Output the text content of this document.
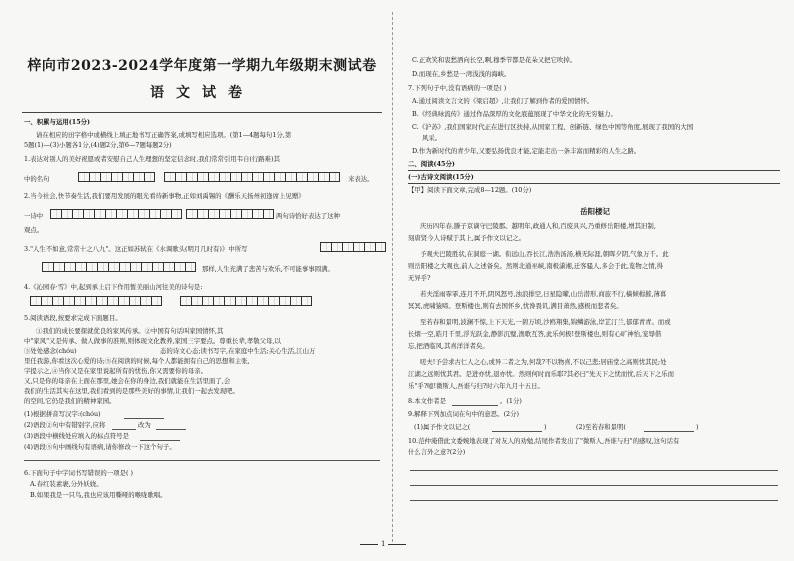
梓向市2023-2024学年度第一学期九年级期末测试卷
语文试卷
一、积累与运用(15分)
请在相应的田字格中或横线上填正地书写正确答案,或填写相应选项。(第1—4题每句1分,第
5题(1)—(3)小题各1分,(4)题2分,第6—7题每题2分)
1.表达对别人的美好祝愿或者安慰自己人生理想的坚定信念时,我们常常引用韦自(行路难)其
中的名句	来表达。
2.当今社会,快节奏生活,我们要用发展的眼光看待新事物,正如刘禹锡的《酬乐天扬州初逢席上见赠》
一诗中	两句诗恰好表达了这种
观点。
3."人生不如意,常常十之八九"。这正如苏轼在《水调歌头(明月几时有)》中所写
那样,人生充满了悲苦与欢乐,不可能事事圆满。
4.《沁园春·雪》中,起到承上启下作用暂美丽山河往美的诗句是:
5.阅读语段,按要求完成下面题目。
①我们的成长要探就优良的家风传承。②中国有句话叫家国情怀,其
中"家风"又是传承、做人做事的准则,则体现文化教养,家国三字要点。尊重长辈,孝敬父母,以
③处处感念(chóu)	态的诗文心态;读书写字,在家庭中生活;关心生活,江山万
里任我游,你看这次心爱的诗;⑤在阅读的时候,每个人都能拥有自己的思想和主张,
字提示之,④当你又是在家里说起所有的忧伤,你又需要你的母亲。
又,只是你的母亲在上面在那里,她会在你的身边,我们就能在生活里面了,会
我们的生活其实在这里,我们看到的是那些美好的事情,让我们一起去发现吧。
的空间,它仍是我们的精神家园。
(1)根据拼音写汉字:(chóu)
(2)语段②句中有错别字,应将	改为
(3)语段中横线处应填入的标点符号是
(4)语段⑤句中画线句有语病,请你修改一下这个句子。
6.下面句子中字词书写错误的一项是( )
A.春红装素裹,分外妖娆。
B.如果我是一只鸟,我也应该用嘶哑的喉咙歌唱。
C.正欢笑和衷愁洒向长空,啊,穆季节都是花朵又把它吹掉。
D.而现在,乡愁是一湾浅浅的海峡。
7.下列句子中,没有语病的一项是( )
A.通过阅读文言文的《梁启超》,让我们了解到作者的爱国情怀。
B.《经典咏流传》通过作品深厚的文化底蕴展现了中华文化的无穷魅力。
C.《沪苏》,我们国家时代正在进行区扶持,从国家工程、创新链、绿色中国等角度,展现了我国的大国
风采。
D.作为新时代的青少年,又要弘扬优良才能,定能走出一条丰富而精彩的人生之路。
二、阅读(45分)
(一)古诗文阅读(15分)
【甲】阅读下面文章,完成8—12题。(10分)
岳阳楼记
庆历四年春,滕子京谪守巴陵郡。越明年,政通人和,百废具兴,乃重修岳阳楼,增其旧制,
刻唐贤今人诗赋于其上,属予作文以记之。
予观夫巴陵胜状,在洞庭一湖。衔远山,吞长江,浩浩汤汤,横无际涯,朝晖夕阴,气象万千。此
则岳阳楼之大观也,前人之述备矣。然则北通巫峡,南极潇湘,迁客骚人,多会于此,览物之情,得
无异乎?
若夫淫雨霏霏,连月不开,阴风怒号,浊浪排空,日星隐曜,山岳潜形,商旅不行,樯倾楫摧,薄暮
冥冥,虎啸猿啼。登斯楼也,则有去国怀乡,忧谗畏讥,满目萧然,感极而悲者矣。
至若春和景明,波澜不惊,上下天光,一碧万顷,沙鸥翔集,锦鳞游泳,岸芷汀兰,郁郁青青。而或
长烟一空,皓月千里,浮光跃金,静影沉璧,渔歌互答,此乐何极!登斯楼也,则有心旷神怡,宠辱偕
忘,把酒临风,其喜洋洋者矣。
嗟夫!予尝求古仁人之心,或异二者之为,何哉?不以物喜,不以己悲;居庙堂之高则忧其民;处
江湖之远则忧其君。是进亦忧,退亦忧。然则何时而乐耶?其必曰"先天下之忧而忧,后天下之乐而
乐"乎?噫!微斯人,吾谁与归?时六年九月十五日。
8.本文作者是	。(1分)
9.解释下列加点词在句中的意思。(2分)
(1)属予作文以记之(	)	(2)至若春和景明(	)
10.范仲淹借此文委婉地表现了对友人的劝勉,结尾作者发出了"微斯人,吾谁与归"的感叹,这句话有
什么言外之意?(2分)
1
